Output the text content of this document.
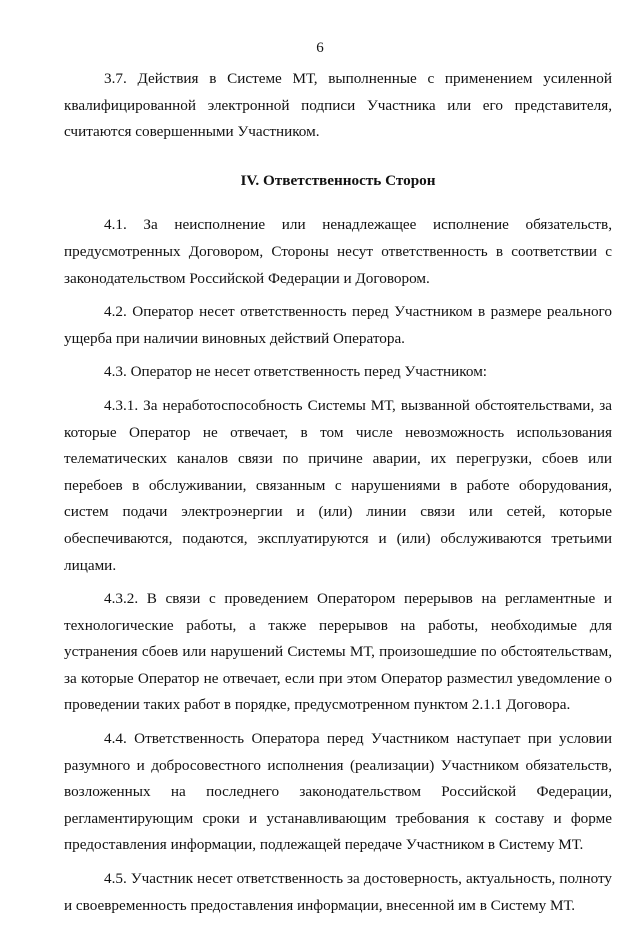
6

3.7. Действия в Системе МТ, выполненные с применением усиленной квалифицированной электронной подписи Участника или его представителя, считаются совершенными Участником.

IV. Ответственность Сторон

4.1. За неисполнение или ненадлежащее исполнение обязательств, предусмотренных Договором, Стороны несут ответственность в соответствии с законодательством Российской Федерации и Договором.

4.2. Оператор несет ответственность перед Участником в размере реального ущерба при наличии виновных действий Оператора.

4.3. Оператор не несет ответственность перед Участником:

4.3.1. За неработоспособность Системы МТ, вызванной обстоятельствами, за которые Оператор не отвечает, в том числе невозможность использования телематических каналов связи по причине аварии, их перегрузки, сбоев или перебоев в обслуживании, связанным с нарушениями в работе оборудования, систем подачи электроэнергии и (или) линии связи или сетей, которые обеспечиваются, подаются, эксплуатируются и (или) обслуживаются третьими лицами.

4.3.2. В связи с проведением Оператором перерывов на регламентные и технологические работы, а также перерывов на работы, необходимые для устранения сбоев или нарушений Системы МТ, произошедшие по обстоятельствам, за которые Оператор не отвечает, если при этом Оператор разместил уведомление о проведении таких работ в порядке, предусмотренном пунктом 2.1.1 Договора.

4.4. Ответственность Оператора перед Участником наступает при условии разумного и добросовестного исполнения (реализации) Участником обязательств, возложенных на последнего законодательством Российской Федерации, регламентирующим сроки и устанавливающим требования к составу и форме предоставления информации, подлежащей передаче Участником в Систему МТ.

4.5. Участник несет ответственность за достоверность, актуальность, полноту и своевременность предоставления информации, внесенной им в Систему МТ.
